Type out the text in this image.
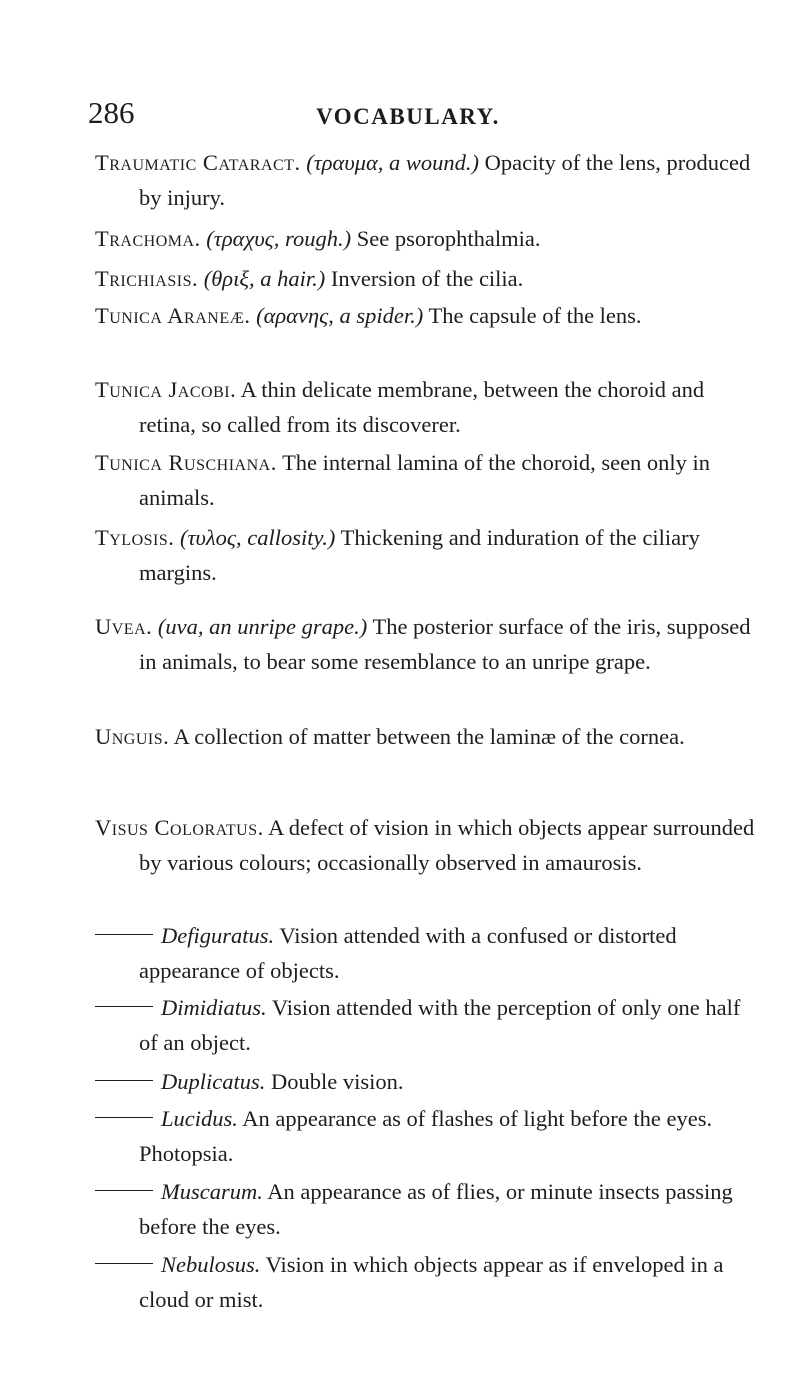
286	VOCABULARY.

Traumatic Cataract. (τραυμα, a wound.) Opacity of the lens, produced by injury.

Trachoma. (τραχυς, rough.) See psorophthalmia.

Trichiasis. (θριξ, a hair.) Inversion of the cilia.

Tunica Araneæ. (αραvης, a spider.) The capsule of the lens.

Tunica Jacobi. A thin delicate membrane, between the choroid and retina, so called from its discoverer.

Tunica Ruschiana. The internal lamina of the choroid, seen only in animals.

Tylosis. (τυλος, callosity.) Thickening and induration of the ciliary margins.

Uvea. (uva, an unripe grape.) The posterior surface of the iris, supposed in animals, to bear some resemblance to an unripe grape.

Unguis. A collection of matter between the laminæ of the cornea.

Visus Coloratus. A defect of vision in which objects appear surrounded by various colours; occasionally observed in amaurosis.

Defiguratus. Vision attended with a confused or distorted appearance of objects.

Dimidiatus. Vision attended with the perception of only one half of an object.

Duplicatus. Double vision.

Lucidus. An appearance as of flashes of light before the eyes. Photopsia.

Muscarum. An appearance as of flies, or minute insects passing before the eyes.

Nebulosus. Vision in which objects appear as if enveloped in a cloud or mist.
